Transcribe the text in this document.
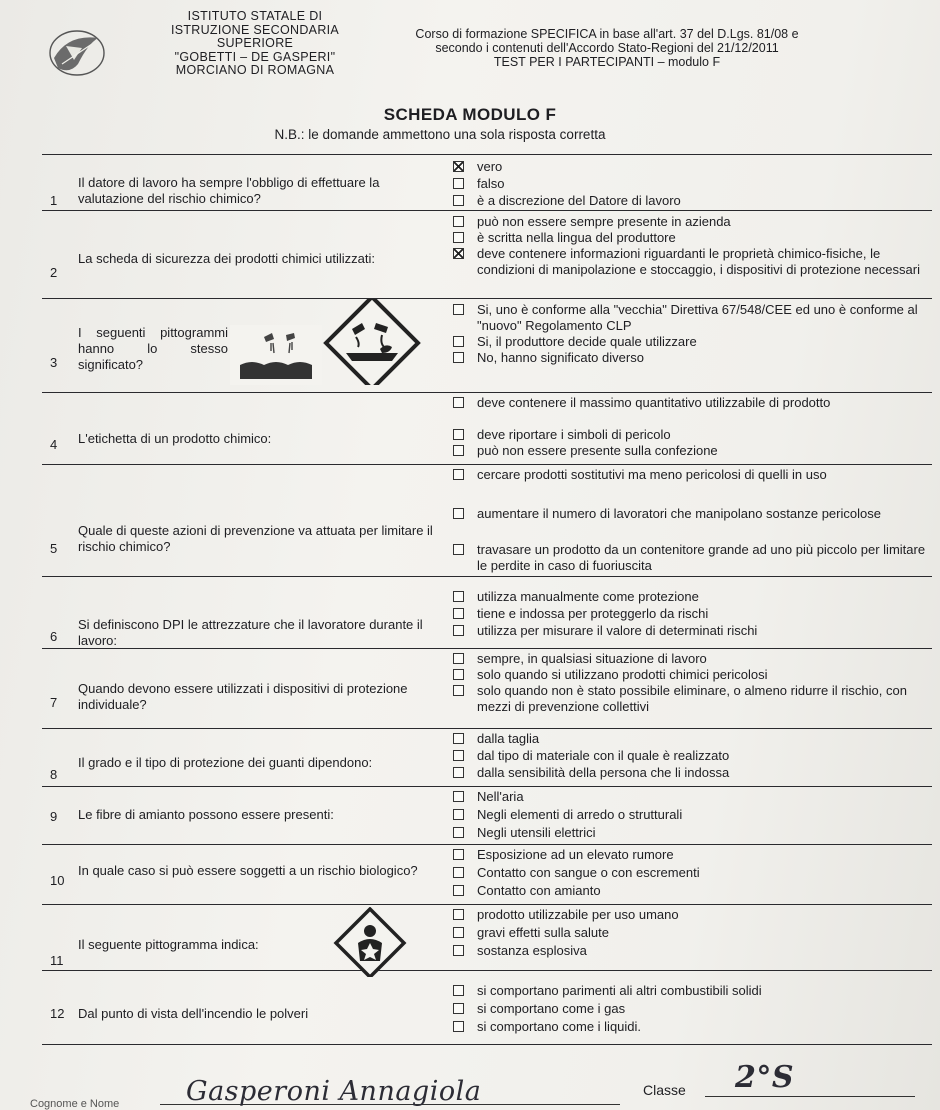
ISTITUTO STATALE DI
ISTRUZIONE SECONDARIA
SUPERIORE
"GOBETTI – DE GASPERI"
MORCIANO DI ROMAGNA
Corso di formazione SPECIFICA in base all'art. 37 del D.Lgs. 81/08 e
secondo i contenuti dell'Accordo Stato-Regioni del 21/12/2011
TEST PER I PARTECIPANTI – modulo F
SCHEDA MODULO F
N.B.: le domande ammettono una sola risposta corretta
1
Il datore di lavoro ha sempre l'obbligo di effettuare la valutazione del rischio chimico?
vero
falso
è a discrezione del Datore di lavoro
2
La scheda di sicurezza dei prodotti chimici utilizzati:
può non essere sempre presente in azienda
è scritta nella lingua del produttore
deve contenere informazioni riguardanti le proprietà chimico-fisiche, le condizioni di manipolazione e stoccaggio, i dispositivi di protezione necessari
3
I seguenti pittogrammi hanno lo stesso significato?
Si, uno è conforme alla "vecchia" Direttiva 67/548/CEE ed uno è conforme al "nuovo" Regolamento CLP
Si, il produttore decide quale utilizzare
No, hanno significato diverso
4 L'etichetta di un prodotto chimico:
deve contenere il massimo quantitativo utilizzabile di prodotto
deve riportare i simboli di pericolo
può non essere presente sulla confezione
5
Quale di queste azioni di prevenzione va attuata per limitare il rischio chimico?
cercare prodotti sostitutivi ma meno pericolosi di quelli in uso
aumentare il numero di lavoratori che manipolano sostanze pericolose
travasare un prodotto da un contenitore grande ad uno più piccolo per limitare le perdite in caso di fuoriuscita
6
Si definiscono DPI le attrezzature che il lavoratore durante il lavoro:
utilizza manualmente come protezione
tiene e indossa per proteggerlo da rischi
utilizza per misurare il valore di determinati rischi
7
Quando devono essere utilizzati i dispositivi di protezione individuale?
sempre, in qualsiasi situazione di lavoro
solo quando si utilizzano prodotti chimici pericolosi
solo quando non è stato possibile eliminare, o almeno ridurre il rischio, con mezzi di prevenzione collettivi
8
Il grado e il tipo di protezione dei guanti dipendono:
dalla taglia
dal tipo di materiale con il quale è realizzato
dalla sensibilità della persona che li indossa
9 Le fibre di amianto possono essere presenti:
Nell'aria
Negli elementi di arredo o strutturali
Negli utensili elettrici
10
In quale caso si può essere soggetti a un rischio biologico?
Esposizione ad un elevato rumore
Contatto con sangue o con escrementi
Contatto con amianto
11
Il seguente pittogramma indica:
prodotto utilizzabile per uso umano
gravi effetti sulla salute
sostanza esplosiva
12 Dal punto di vista dell'incendio le polveri
si comportano parimenti ali altri combustibili solidi
si comportano come i gas
si comportano come i liquidi.
Cognome e Nome Gasperoni Annagiola	Classe 2°S
